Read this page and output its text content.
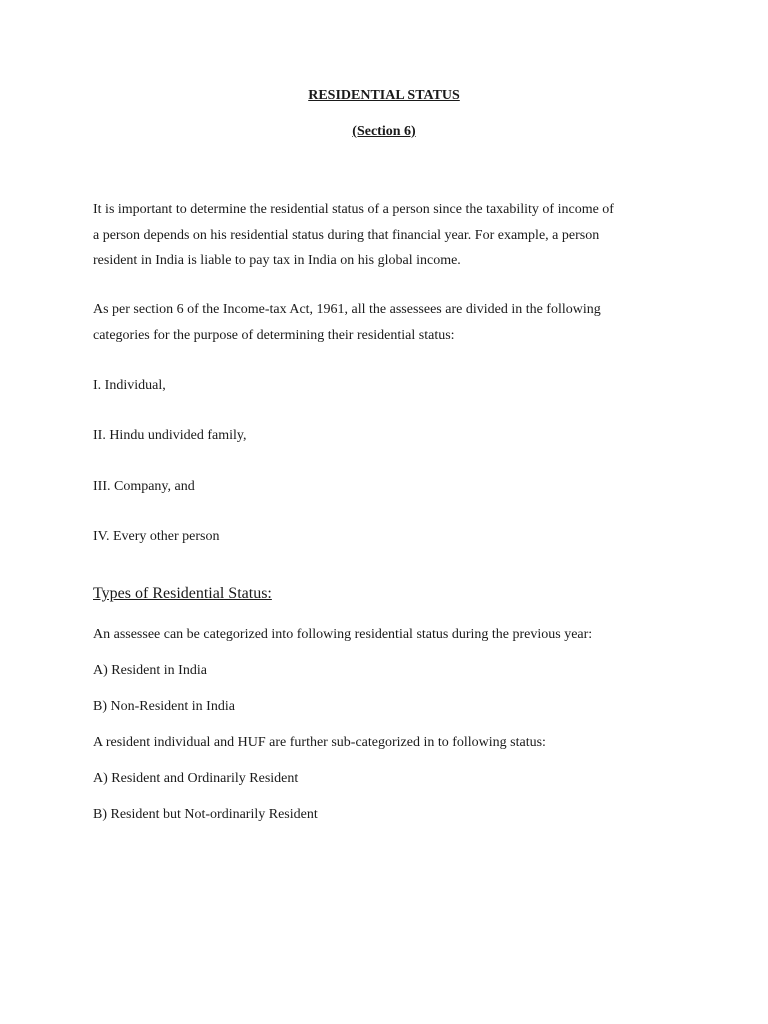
RESIDENTIAL STATUS
(Section 6)
It is important to determine the residential status of a person since the taxability of income of
a person depends on his residential status during that financial year. For example, a person
resident in India is liable to pay tax in India on his global income.
As per section 6 of the Income-tax Act, 1961, all the assessees are divided in the following
categories for the purpose of determining their residential status:
I. Individual,
II. Hindu undivided family,
III. Company, and
IV. Every other person
Types of Residential Status:
An assessee can be categorized into following residential status during the previous year:
A) Resident in India
B) Non-Resident in India
A resident individual and HUF are further sub-categorized in to following status:
A) Resident and Ordinarily Resident
B) Resident but Not-ordinarily Resident
